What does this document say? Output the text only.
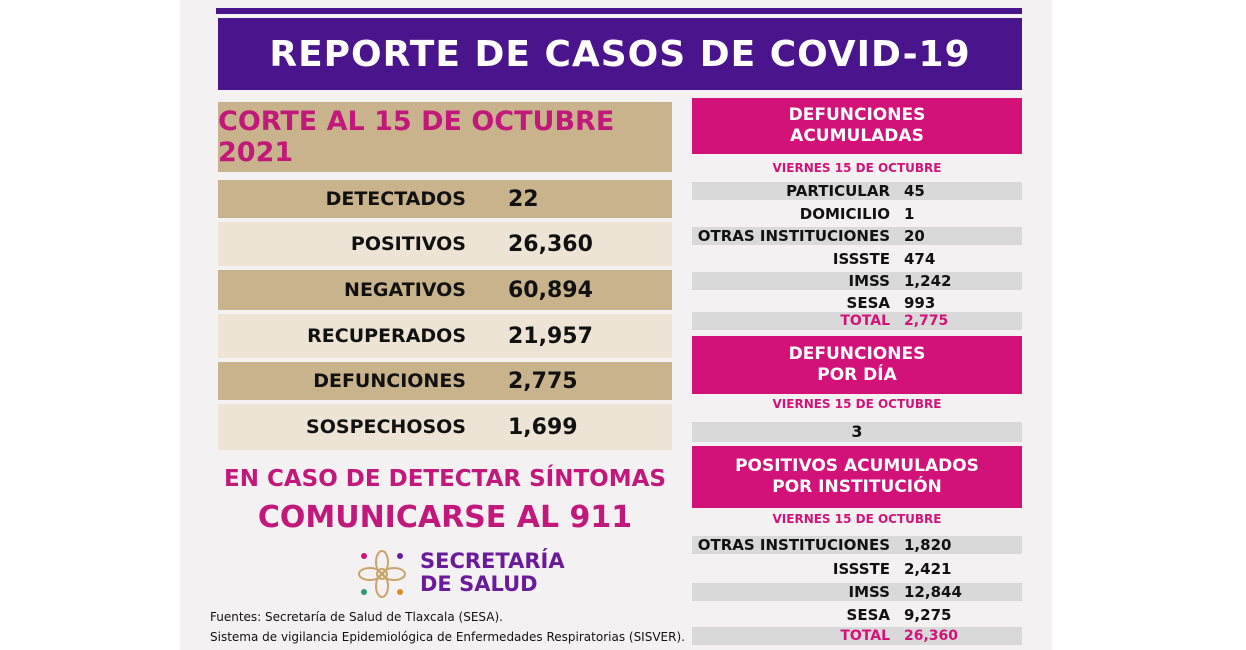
REPORTE DE CASOS DE COVID-19
CORTE AL 15 DE OCTUBRE 2021
DETECTADOS	22
POSITIVOS	26,360
NEGATIVOS	60,894
RECUPERADOS	21,957
DEFUNCIONES	2,775
SOSPECHOSOS	1,699
EN CASO DE DETECTAR SÍNTOMAS
COMUNICARSE AL 911
SECRETARÍA
DE SALUD
Fuentes: Secretaría de Salud de Tlaxcala (SESA).
Sistema de vigilancia Epidemiológica de Enfermedades Respiratorias (SISVER).
DEFUNCIONES
ACUMULADAS
VIERNES 15 DE OCTUBRE
PARTICULAR 45
DOMICILIO 1
OTRAS INSTITUCIONES 20
ISSSTE 474
IMSS 1,242
SESA 993
TOTAL	2,775
DEFUNCIONES
POR DÍA
VIERNES 15 DE OCTUBRE
3
POSITIVOS ACUMULADOS
POR INSTITUCIÓN
VIERNES 15 DE OCTUBRE
OTRAS INSTITUCIONES 1,820
ISSSTE 2,421
IMSS 12,844
SESA 9,275
TOTAL	26,360
